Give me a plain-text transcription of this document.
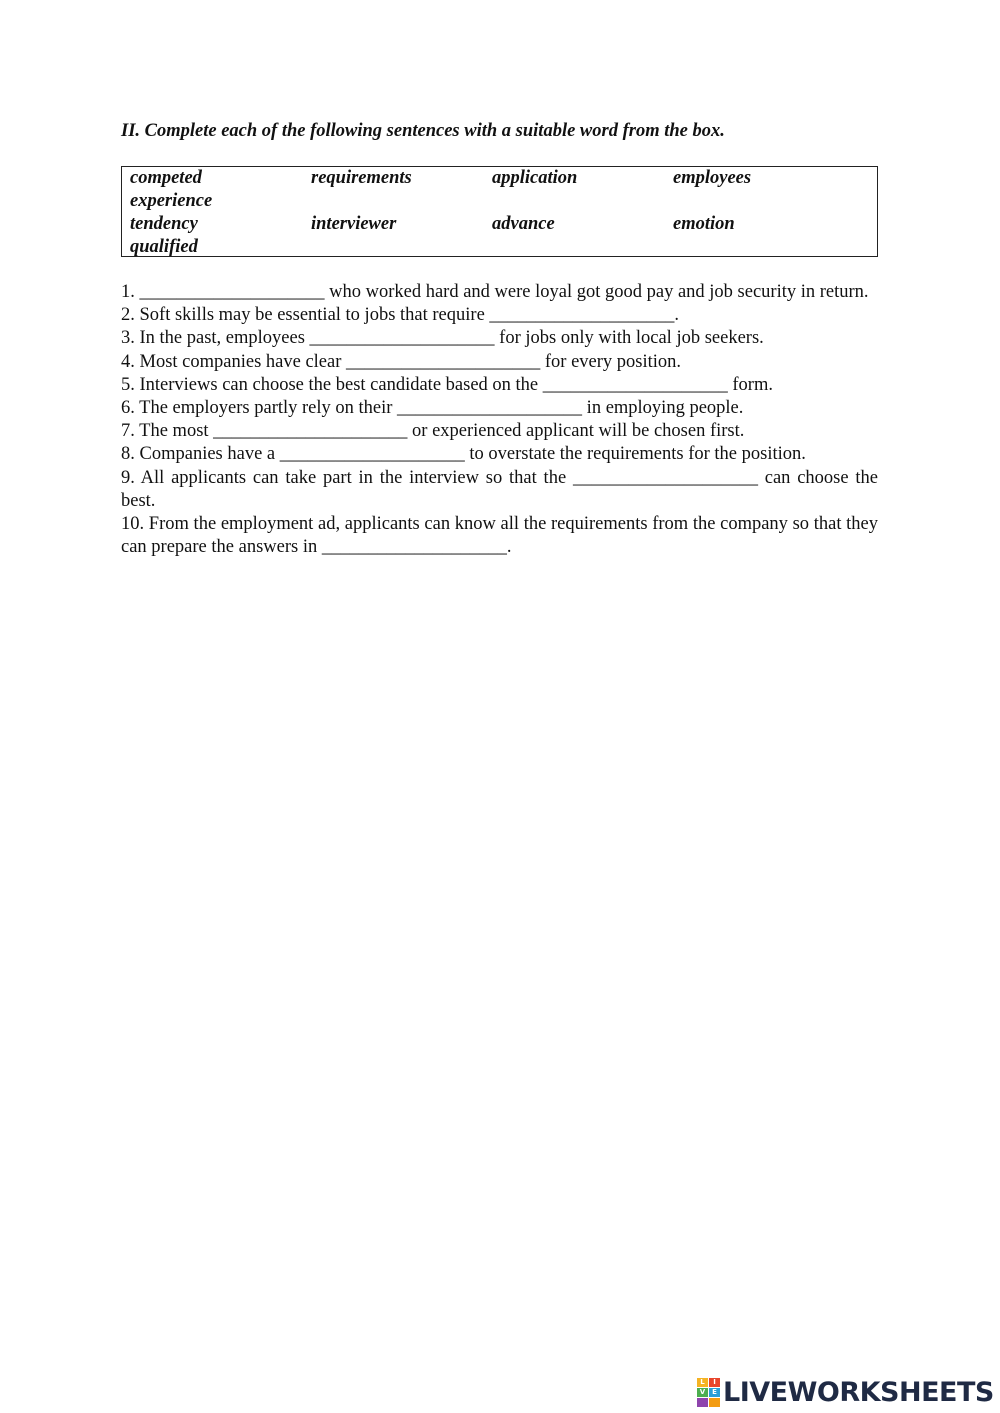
II. Complete each of the following sentences with a suitable word from the box.

competed	requirements	application	employees
experience
tendency	interviewer	advance	emotion
qualified
1. ____________________ who worked hard and were loyal got good pay and job security in return.
2. Soft skills may be essential to jobs that require ____________________.
3. In the past, employees ____________________ for jobs only with local job seekers.
4. Most companies have clear _____________________ for every position.
5. Interviews can choose the best candidate based on the ____________________ form.
6. The employers partly rely on their ____________________ in employing people.
7. The most _____________________ or experienced applicant will be chosen first.
8. Companies have a ____________________ to overstate the requirements for the position.
9. All applicants can take part in the interview so that the ____________________ can choose the best.
10. From the employment ad, applicants can know all the requirements from the company so that they can prepare the answers in ____________________.
L	I
V E LIVEWORKSHEETS
